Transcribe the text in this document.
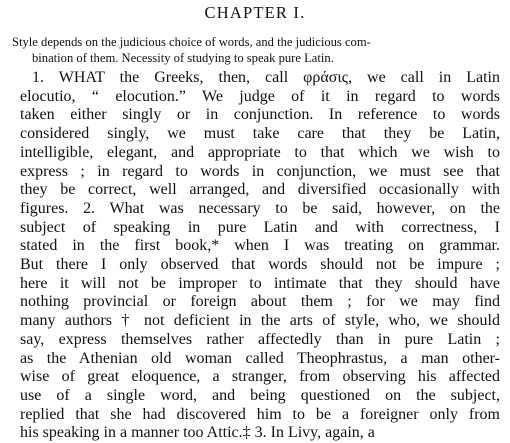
CHAPTER I.
Style depends on the judicious choice of words, and the judicious com-
bination of them. Necessity of studying to speak pure Latin.
1. WHAT the Greeks, then, call φράσις, we call in Latin
elocutio, “ elocution.” We judge of it in regard to words
taken either singly or in conjunction. In reference to words
considered singly, we must take care that they be Latin,
intelligible, elegant, and appropriate to that which we wish to
express ; in regard to words in conjunction, we must see that
they be correct, well arranged, and diversified occasionally with
figures. 2. What was necessary to be said, however, on the
subject of speaking in pure Latin and with correctness, I
stated in the first book,* when I was treating on grammar.
But there I only observed that words should not be impure ;
here it will not be improper to intimate that they should have
nothing provincial or foreign about them ; for we may find
many authors † not deficient in the arts of style, who, we should
say, express themselves rather affectedly than in pure Latin ;
as the Athenian old woman called Theophrastus, a man other-
wise of great eloquence, a stranger, from observing his affected
use of a single word, and being questioned on the subject,
replied that she had discovered him to be a foreigner only from
his speaking in a manner too Attic.‡ 3. In Livy, again, a
